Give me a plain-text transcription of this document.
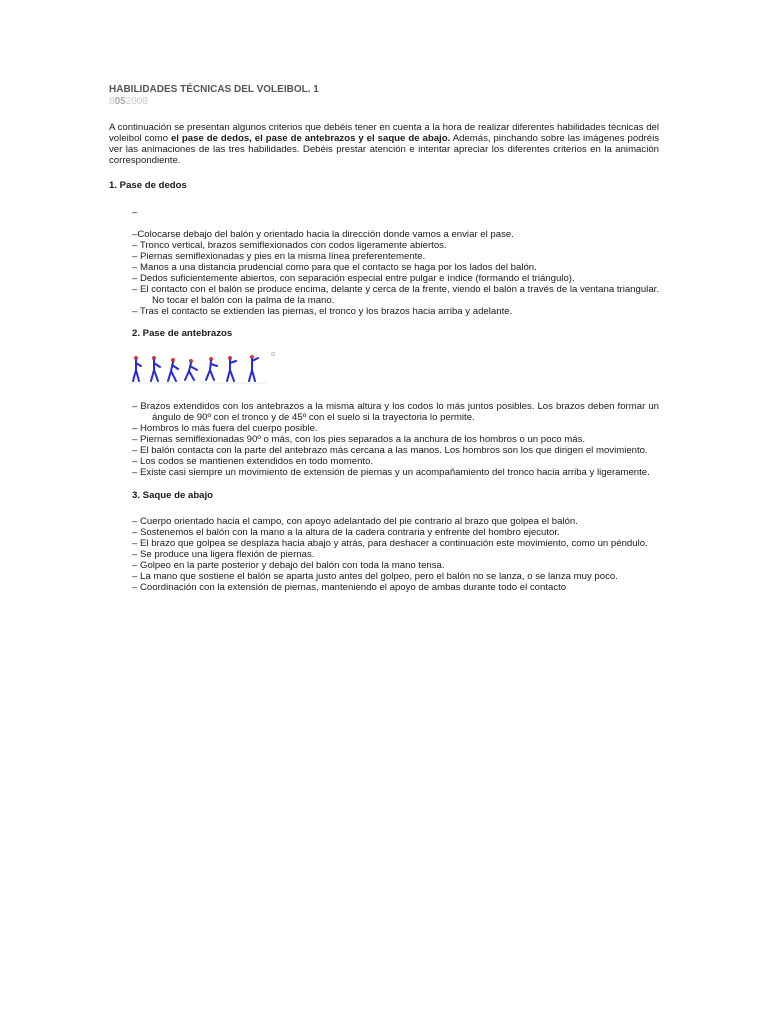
HABILIDADES TÉCNICAS DEL VOLEIBOL. 1
8052008

A continuación se presentan algunos criterios que debéis tener en cuenta a la hora de realizar diferentes habilidades técnicas del voleibol como el pase de dedos, el pase de antebrazos y el saque de abajo. Además, pinchando sobre las imágenes podréis ver las animaciones de las tres habilidades. Debéis prestar atención e intentar apreciar los diferentes criterios en la animación correspondiente.

1. Pase de dedos
–
–Colocarse debajo del balón y orientado hacia la dirección donde vamos a enviar el pase.
– Tronco vertical, brazos semiflexionados con codos ligeramente abiertos.
– Piernas semiflexionadas y pies en la misma línea preferentemente.
– Manos a una distancia prudencial como para que el contacto se haga por los lados del balón.
– Dedos suficientemente abiertos, con separación especial entre pulgar e índice (formando el triángulo).
– El contacto con el balón se produce encima, delante y cerca de la frente, viendo el balón a través de la ventana triangular. No tocar el balón con la palma de la mano.
– Tras el contacto se extienden las piernas, el tronco y los brazos hacia arriba y adelante.
2. Pase de antebrazos
– Brazos extendidos con los antebrazos a la misma altura y los codos lo más juntos posibles. Los brazos deben formar un ángulo de 90º con el tronco y de 45º con el suelo si la trayectoria lo permite.
– Hombros lo más fuera del cuerpo posible.
– Piernas semiflexionadas 90º o más, con los pies separados a la anchura de los hombros o un poco más.
– El balón contacta con la parte del antebrazo más cercana a las manos. Los hombros son los que dirigen el movimiento.
– Los codos se mantienen extendidos en todo momento.
– Existe casi siempre un movimiento de extensión de piernas y un acompañamiento del tronco hacia arriba y ligeramente.
3. Saque de abajo
– Cuerpo orientado hacia el campo, con apoyo adelantado del pie contrario al brazo que golpea el balón.
– Sostenemos el balón con la mano a la altura de la cadera contraria y enfrente del hombro ejecutor.
– El brazo que golpea se desplaza hacia abajo y atrás, para deshacer a continuación este movimiento, como un péndulo.
– Se produce una ligera flexión de piernas.
– Golpeo en la parte posterior y debajo del balón con toda la mano tensa.
– La mano que sostiene el balón se aparta justo antes del golpeo, pero el balón no se lanza, o se lanza muy poco.
– Coordinación con la extensión de piernas, manteniendo el apoyo de ambas durante todo el contacto
